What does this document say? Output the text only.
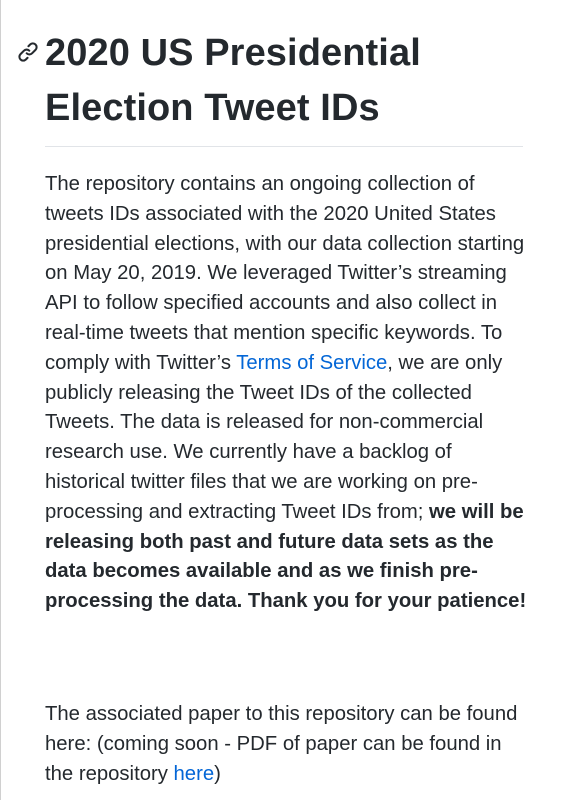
2020 US Presidential Election Tweet IDs

The repository contains an ongoing collection of tweets IDs associated with the 2020 United States presidential elections, with our data collection starting on May 20, 2019. We leveraged Twitter’s streaming API to follow specified accounts and also collect in real-time tweets that mention specific keywords. To comply with Twitter’s Terms of Service, we are only publicly releasing the Tweet IDs of the collected Tweets. The data is released for non-commercial research use. We currently have a backlog of historical twitter files that we are working on pre-processing and extracting Tweet IDs from; we will be releasing both past and future data sets as the data becomes available and as we finish pre-processing the data. Thank you for your patience!

The associated paper to this repository can be found here: (coming soon - PDF of paper can be found in the repository here)
